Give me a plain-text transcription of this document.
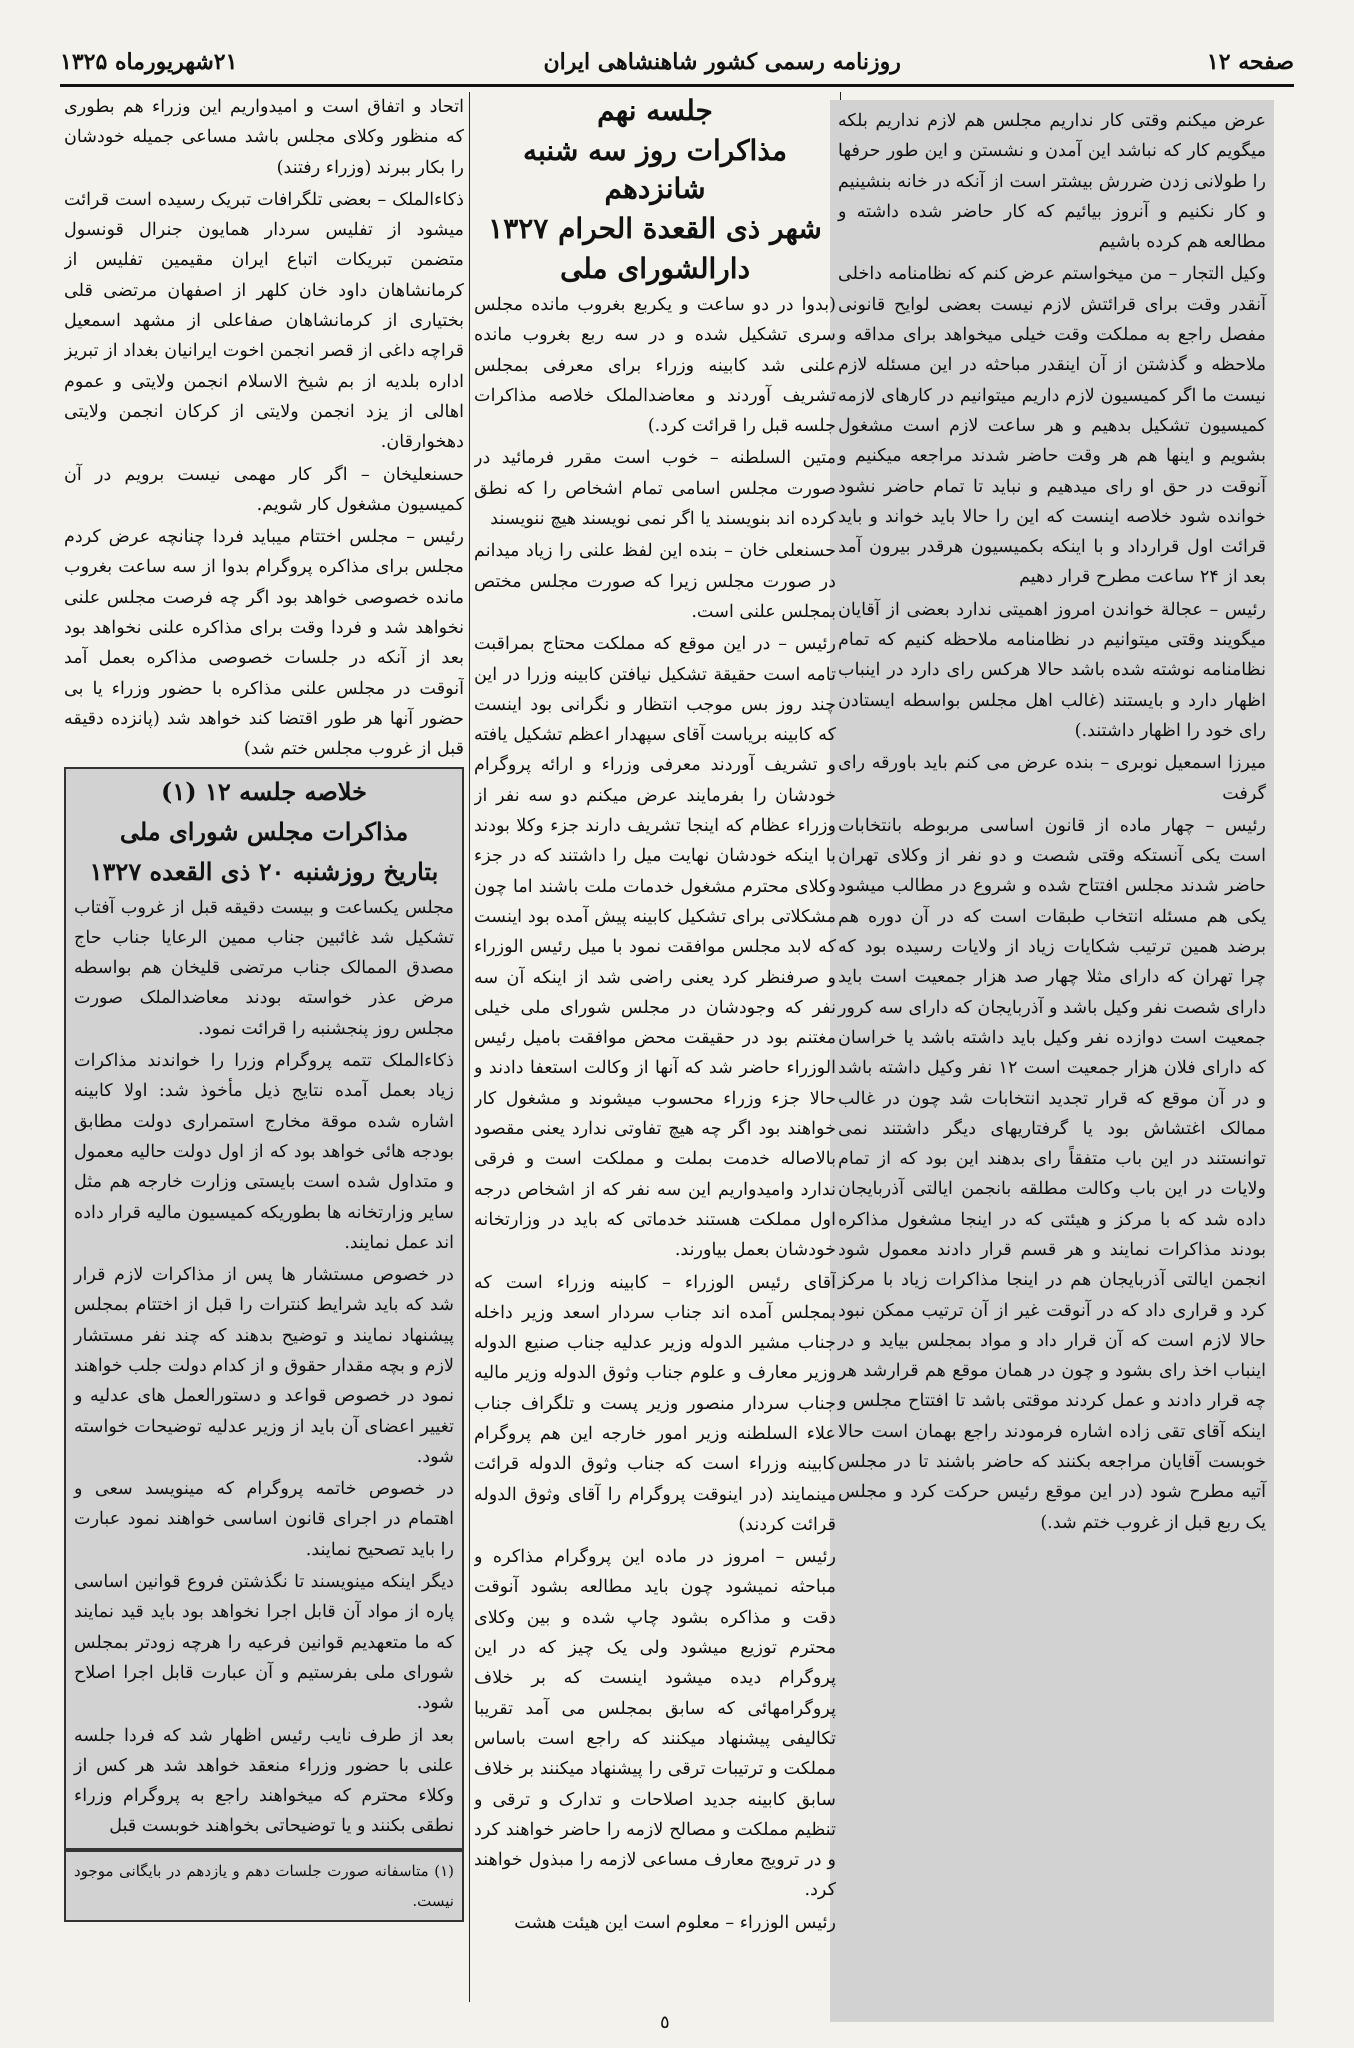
صفحه ۱۲
روزنامه رسمی کشور شاهنشاهی ایران
۲۱شهریورماه ۱۳۲۵

عرض میکنم وقتی کار نداریم مجلس هم لازم نداریم بلکه میگویم کار که نباشد این آمدن و نشستن و این طور حرفها را طولانی زدن ضررش بیشتر است از آنکه در خانه بنشینیم و کار نکنیم و آنروز بیائیم که کار حاضر شده داشته و مطالعه هم کرده باشیم

وکیل التجار – من میخواستم عرض کنم که نظامنامه داخلی آنقدر وقت برای قرائتش لازم نیست بعضی لوایح قانونی مفصل راجع به مملکت وقت خیلی میخواهد برای مداقه و ملاحظه و گذشتن از آن اینقدر مباحثه در این مسئله لازم نیست ما اگر کمیسیون لازم داریم میتوانیم در کارهای لازمه کمیسیون تشکیل بدهیم و هر ساعت لازم است مشغول بشویم و اینها هم هر وقت حاضر شدند مراجعه میکنیم و آنوقت در حق او رای میدهیم و نباید تا تمام حاضر نشود خوانده شود خلاصه اینست که این را حالا باید خواند و باید قرائت اول قرارداد و با اینکه بکمیسیون هرقدر بیرون آمد بعد از ۲۴ ساعت مطرح قرار دهیم

رئیس – عجالة خواندن امروز اهمیتی ندارد بعضی از آقایان میگویند وقتی میتوانیم در نظامنامه ملاحظه کنیم که تمام نظامنامه نوشته شده باشد حالا هرکس رای دارد در اینباب اظهار دارد و بایستند (غالب اهل مجلس بواسطه ایستادن رای خود را اظهار داشتند.)

میرزا اسمعیل نوبری – بنده عرض می کنم باید باورقه رای گرفت

رئیس – چهار ماده از قانون اساسی مربوطه بانتخابات است یکی آنستکه وقتی شصت و دو نفر از وکلای تهران حاضر شدند مجلس افتتاح شده و شروع در مطالب میشود یکی هم مسئله انتخاب طبقات است که در آن دوره هم برضد همین ترتیب شکایات زیاد از ولایات رسیده بود که چرا تهران که دارای مثلا چهار صد هزار جمعیت است باید دارای شصت نفر وکیل باشد و آذربایجان که دارای سه کرور جمعیت است دوازده نفر وکیل باید داشته باشد یا خراسان که دارای فلان هزار جمعیت است ۱۲ نفر وکیل داشته باشد و در آن موقع که قرار تجدید انتخابات شد چون در غالب ممالک اغتشاش بود یا گرفتاریهای دیگر داشتند نمی توانستند در این باب متفقاً رای بدهند این بود که از تمام ولایات در این باب وکالت مطلقه بانجمن ایالتی آذربایجان داده شد که با مرکز و هیئتی که در اینجا مشغول مذاکره بودند مذاکرات نمایند و هر قسم قرار دادند معمول شود انجمن ایالتی آذربایجان هم در اینجا مذاکرات زیاد با مرکز کرد و قراری داد که در آنوقت غیر از آن ترتیب ممکن نبود حالا لازم است که آن قرار داد و مواد بمجلس بیاید و در اینباب اخذ رای بشود و چون در همان موقع هم قرارشد هر چه قرار دادند و عمل کردند موقتی باشد تا افتتاح مجلس و اینکه آقای تقی زاده اشاره فرمودند راجع بهمان است حالا خوبست آقایان مراجعه بکنند که حاضر باشند تا در مجلس آتیه مطرح شود (در این موقع رئیس حرکت کرد و مجلس یک ربع قبل از غروب ختم شد.)

جلسه نهم

مذاکرات روز سه شنبه شانزدهم

شهر ذی القعدة الحرام ۱۳۲۷

دارالشورای ملی

(بدوا در دو ساعت و یکربع بغروب مانده مجلس سری تشکیل شده و در سه ربع بغروب مانده علنی شد کابینه وزراء برای معرفی بمجلس تشریف آوردند و معاضدالملک خلاصه مذاکرات جلسه قبل را قرائت کرد.)

متین السلطنه – خوب است مقرر فرمائید در صورت مجلس اسامی تمام اشخاص را که نطق کرده اند بنویسند یا اگر نمی نویسند هیچ ننویسند

حسنعلی خان – بنده این لفظ علنی را زیاد میدانم در صورت مجلس زیرا که صورت مجلس مختص بمجلس علنی است.

رئیس – در این موقع که مملکت محتاج بمراقبت تامه است حقیقة تشکیل نیافتن کابینه وزرا در این چند روز بس موجب انتظار و نگرانی بود اینست که کابینه بریاست آقای سپهدار اعظم تشکیل یافته و تشریف آوردند معرفی وزراء و ارائه پروگرام خودشان را بفرمایند عرض میکنم دو سه نفر از وزراء عظام که اینجا تشریف دارند جزء وکلا بودند با اینکه خودشان نهایت میل را داشتند که در جزء وکلای محترم مشغول خدمات ملت باشند اما چون مشکلاتی برای تشکیل کابینه پیش آمده بود اینست که لابد مجلس موافقت نمود با میل رئیس الوزراء و صرفنظر کرد یعنی راضی شد از اینکه آن سه نفر که وجودشان در مجلس شورای ملی خیلی مغتنم بود در حقیقت محض موافقت بامیل رئیس الوزراء حاضر شد که آنها از وکالت استعفا دادند و حالا جزء وزراء محسوب میشوند و مشغول کار خواهند بود اگر چه هیچ تفاوتی ندارد یعنی مقصود بالاصاله خدمت بملت و مملکت است و فرقی ندارد وامیدواریم این سه نفر که از اشخاص درجه اول مملکت هستند خدماتی که باید در وزارتخانه خودشان بعمل بیاورند.

آقای رئیس الوزراء – کابینه وزراء است که بمجلس آمده اند جناب سردار اسعد وزیر داخله جناب مشیر الدوله وزیر عدلیه جناب صنیع الدوله وزیر معارف و علوم جناب وثوق الدوله وزیر مالیه جناب سردار منصور وزیر پست و تلگراف جناب علاء السلطنه وزیر امور خارجه این هم پروگرام کابینه وزراء است که جناب وثوق الدوله قرائت مینمایند (در اینوقت پروگرام را آقای وثوق الدوله قرائت کردند)

رئیس – امروز در ماده این پروگرام مذاکره و مباحثه نمیشود چون باید مطالعه بشود آنوقت دقت و مذاکره بشود چاپ شده و بین وکلای محترم توزیع میشود ولی یک چیز که در این پروگرام دیده میشود اینست که بر خلاف پروگرامهائی که سابق بمجلس می آمد تقریبا تکالیفی پیشنهاد میکنند که راجع است باساس مملکت و ترتیبات ترقی را پیشنهاد میکنند بر خلاف سابق کابینه جدید اصلاحات و تدارک و ترقی و تنظیم مملکت و مصالح لازمه را حاضر خواهند کرد و در ترویج معارف مساعی لازمه را مبذول خواهند کرد.

رئیس الوزراء – معلوم است این هیئت هشت

اتحاد و اتفاق است و امیدواریم این وزراء هم بطوری که منظور وکلای مجلس باشد مساعی جمیله خودشان را بکار ببرند (وزراء رفتند)

ذکاءالملک – بعضی تلگرافات تبریک رسیده است قرائت میشود از تفلیس سردار همایون جنرال قونسول متضمن تبریکات اتباع ایران مقیمین تفلیس از کرمانشاهان داود خان کلهر از اصفهان مرتضی قلی بختیاری از کرمانشاهان صفاعلی از مشهد اسمعیل قراچه داغی از قصر انجمن اخوت ایرانیان بغداد از تبریز اداره بلدیه از بم شیخ الاسلام انجمن ولایتی و عموم اهالی از یزد انجمن ولایتی از کرکان انجمن ولایتی دهخوارقان.

حسنعلیخان – اگر کار مهمی نیست برویم در آن کمیسیون مشغول کار شویم.

رئیس – مجلس اختتام میباید فردا چنانچه عرض کردم مجلس برای مذاکره پروگرام بدوا از سه ساعت بغروب مانده خصوصی خواهد بود اگر چه فرصت مجلس علنی نخواهد شد و فردا وقت برای مذاکره علنی نخواهد بود بعد از آنکه در جلسات خصوصی مذاکره بعمل آمد آنوقت در مجلس علنی مذاکره با حضور وزراء یا بی حضور آنها هر طور اقتضا کند خواهد شد (پانزده دقیقه قبل از غروب مجلس ختم شد)

خلاصه جلسه ۱۲ (۱)

مذاکرات مجلس شورای ملی

بتاریخ روزشنبه ۲۰ ذی القعده ۱۳۲۷

مجلس یکساعت و بیست دقیقه قبل از غروب آفتاب تشکیل شد غائبین جناب ممین الرعایا جناب حاج مصدق الممالک جناب مرتضی قلیخان هم بواسطه مرض عذر خواسته بودند معاضدالملک صورت مجلس روز پنجشنبه را قرائت نمود.

ذکاءالملک تتمه پروگرام وزرا را خواندند مذاکرات زیاد بعمل آمده نتایج ذیل مأخوذ شد: اولا کابینه اشاره شده موقة مخارج استمراری دولت مطابق بودجه هائی خواهد بود که از اول دولت حالیه معمول و متداول شده است بایستی وزارت خارجه هم مثل سایر وزارتخانه ها بطوریکه کمیسیون مالیه قرار داده اند عمل نمایند.

در خصوص مستشار ها پس از مذاکرات لازم قرار شد که باید شرایط کنترات را قبل از اختتام بمجلس پیشنهاد نمایند و توضیح بدهند که چند نفر مستشار لازم و بچه مقدار حقوق و از کدام دولت جلب خواهند نمود در خصوص قواعد و دستورالعمل های عدلیه و تغییر اعضای آن باید از وزیر عدلیه توضیحات خواسته شود.

در خصوص خاتمه پروگرام که مینویسد سعی و اهتمام در اجرای قانون اساسی خواهند نمود عبارت را باید تصحیح نمایند.

دیگر اینکه مینویسند تا نگذشتن فروع قوانین اساسی پاره از مواد آن قابل اجرا نخواهد بود باید قید نمایند که ما متعهدیم قوانین فرعیه را هرچه زودتر بمجلس شورای ملی بفرستیم و آن عبارت قابل اجرا اصلاح شود.

بعد از طرف نایب رئیس اظهار شد که فردا جلسه علنی با حضور وزراء منعقد خواهد شد هر کس از وکلاء محترم که میخواهند راجع به پروگرام وزراء نطقی بکنند و یا توضیحاتی بخواهند خوبست قبل

(۱) متاسفانه صورت جلسات دهم و یازدهم در بایگانی موجود نیست.

٥
